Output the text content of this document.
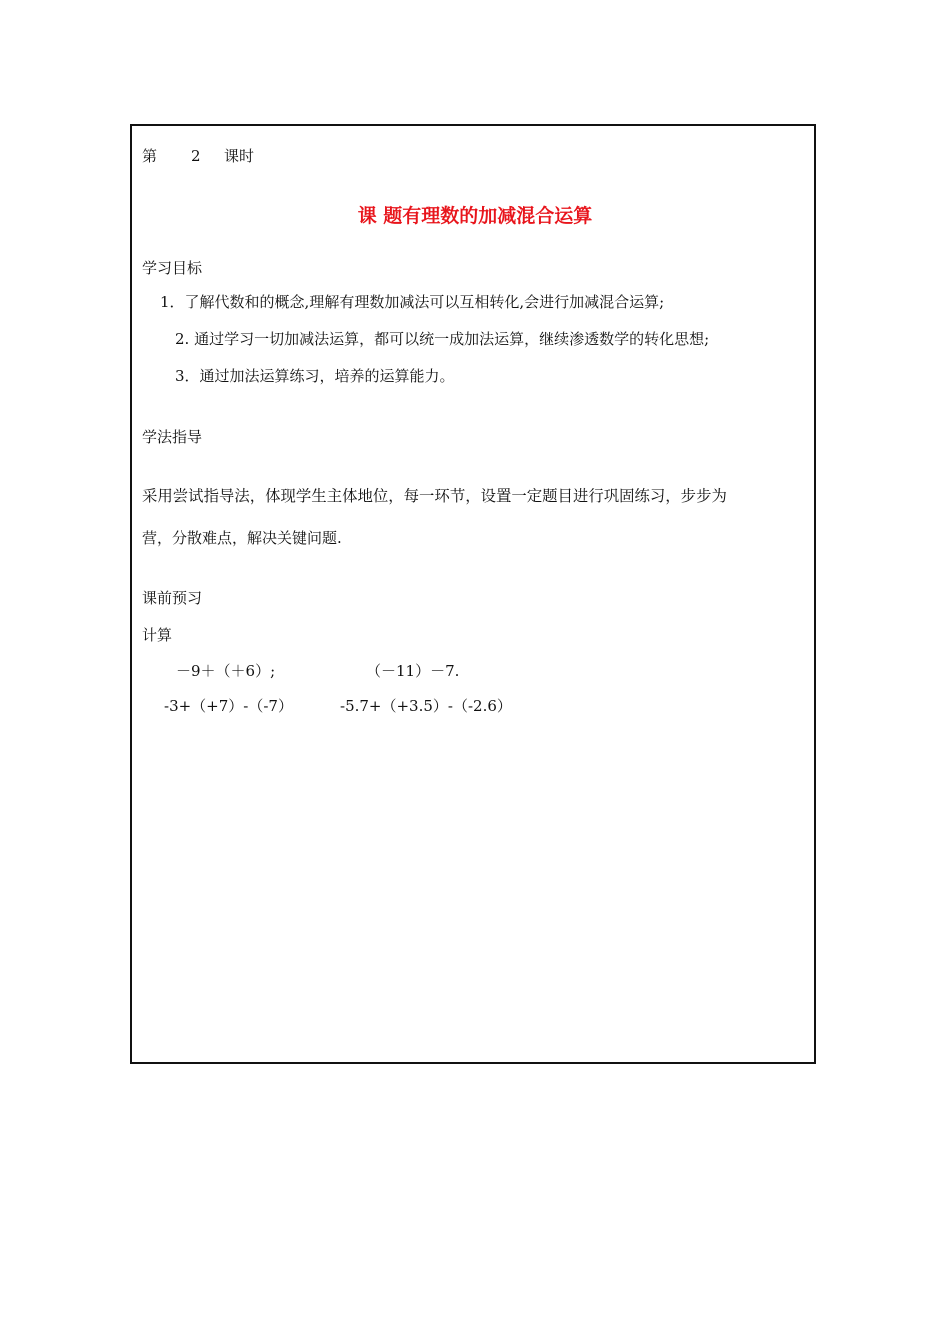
第 2 课时
课 题有理数的加减混合运算
学习目标
1．了解代数和的概念,理解有理数加减法可以互相转化,会进行加减混合运算;
2. 通过学习一切加减法运算，都可以统一成加法运算，继续渗透数学的转化思想;
3．通过加法运算练习，培养的运算能力。
学法指导
采用尝试指导法，体现学生主体地位，每一环节，设置一定题目进行巩固练习，步步为
营，分散难点，解决关键问题.
课前预习
计算
－9＋（＋6）;	（－11）－7.
-3+（+7）-（-7）	-5.7+（+3.5）-（-2.6）
